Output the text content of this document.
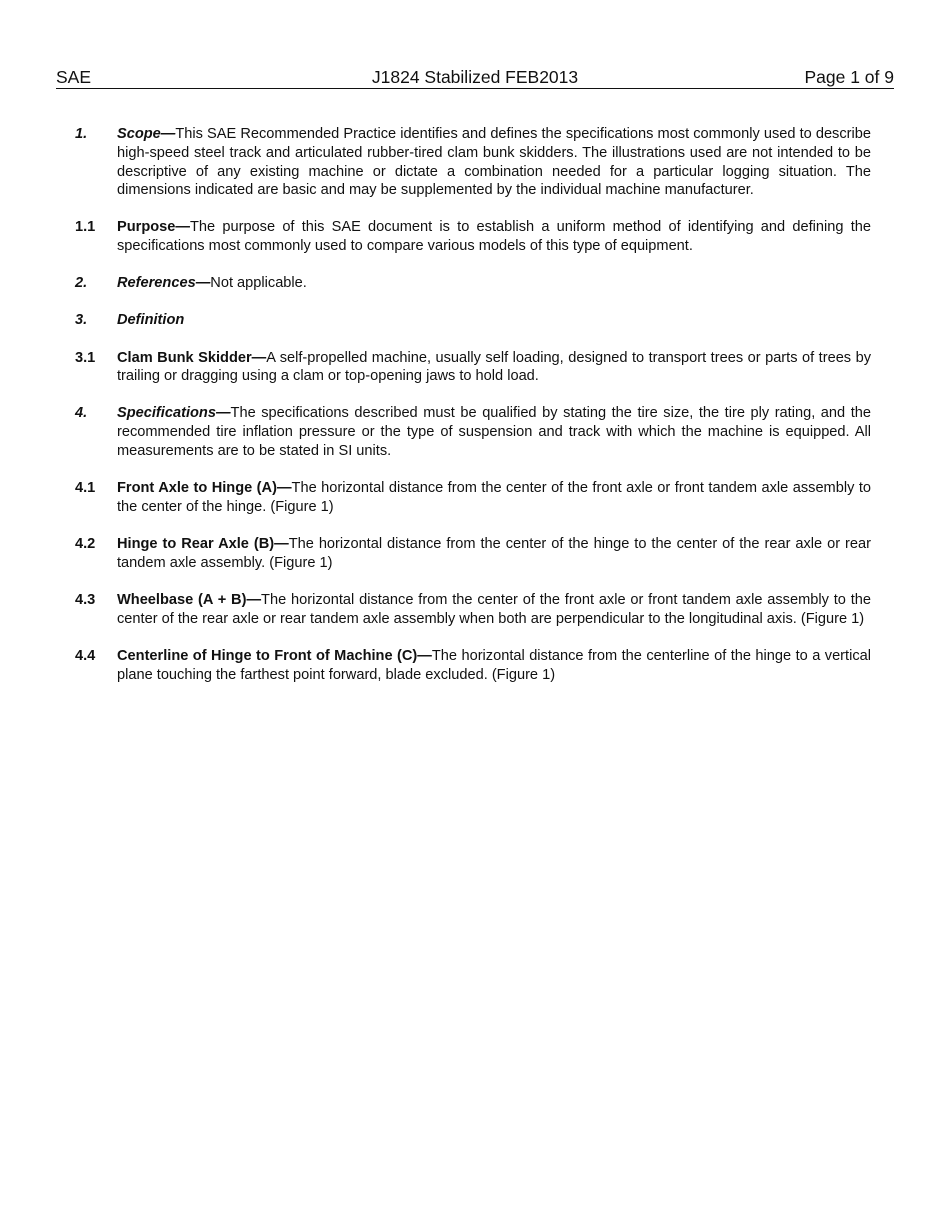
SAE	J1824 Stabilized FEB2013	Page 1 of 9
1.	Scope—This SAE Recommended Practice identifies and defines the specifications most commonly used to describe high-speed steel track and articulated rubber-tired clam bunk skidders. The illustrations used are not intended to be descriptive of any existing machine or dictate a combination needed for a particular logging situation. The dimensions indicated are basic and may be supplemented by the individual machine manufacturer.
1.1	Purpose—The purpose of this SAE document is to establish a uniform method of identifying and defining the specifications most commonly used to compare various models of this type of equipment.
2.	References—Not applicable.
3.	Definition
3.1	Clam Bunk Skidder—A self-propelled machine, usually self loading, designed to transport trees or parts of trees by trailing or dragging using a clam or top-opening jaws to hold load.
4.	Specifications—The specifications described must be qualified by stating the tire size, the tire ply rating, and the recommended tire inflation pressure or the type of suspension and track with which the machine is equipped. All measurements are to be stated in SI units.
4.1	Front Axle to Hinge (A)—The horizontal distance from the center of the front axle or front tandem axle assembly to the center of the hinge. (Figure 1)
4.2	Hinge to Rear Axle (B)—The horizontal distance from the center of the hinge to the center of the rear axle or rear tandem axle assembly. (Figure 1)
4.3	Wheelbase (A + B)—The horizontal distance from the center of the front axle or front tandem axle assembly to the center of the rear axle or rear tandem axle assembly when both are perpendicular to the longitudinal axis. (Figure 1)
4.4	Centerline of Hinge to Front of Machine (C)—The horizontal distance from the centerline of the hinge to a vertical plane touching the farthest point forward, blade excluded. (Figure 1)
